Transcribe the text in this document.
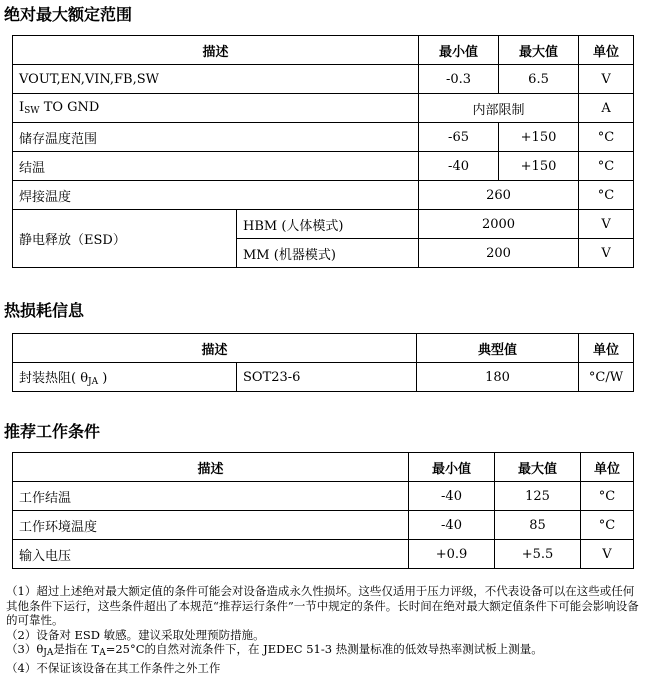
绝对最大额定范围
描述		最小值	最大值	单位
VOUT,EN,VIN,FB,SW		-0.3	6.5	V
$I_{SW}$ TO GND		内部限制		A
储存温度范围		-65	+150	°C
结温		-40	+150	°C
焊接温度		260		°C
静电释放（ESD）	HBM (人体模式)	2000		V
	MM (机器模式)	200		V
热损耗信息
描述		典型值	单位
封装热阻( $\theta_{JA}$ )	SOT23-6	180	°C/W
推荐工作条件
描述	最小值	最大值	单位
工作结温	-40	125	°C
工作环境温度	-40	85	°C
输入电压	+0.9	+5.5	V

（1）超过上述绝对最大额定值的条件可能会对设备造成永久性损坏。这些仅适用于压力评级，不代表设备可以在这些或任何其他条件下运行，这些条件超出了本规范“推荐运行条件”一节中规定的条件。长时间在绝对最大额定值条件下可能会影响设备的可靠性。

（2）设备对 ESD 敏感。建议采取处理预防措施。

$(3)\theta_{JA}$是指在 $T_A=25^\circ C$的自然对流条件下，在 JEDEC 51-3 热测量标准的低效导热率测试板上测量。

（4）不保证该设备在其工作条件之外工作
